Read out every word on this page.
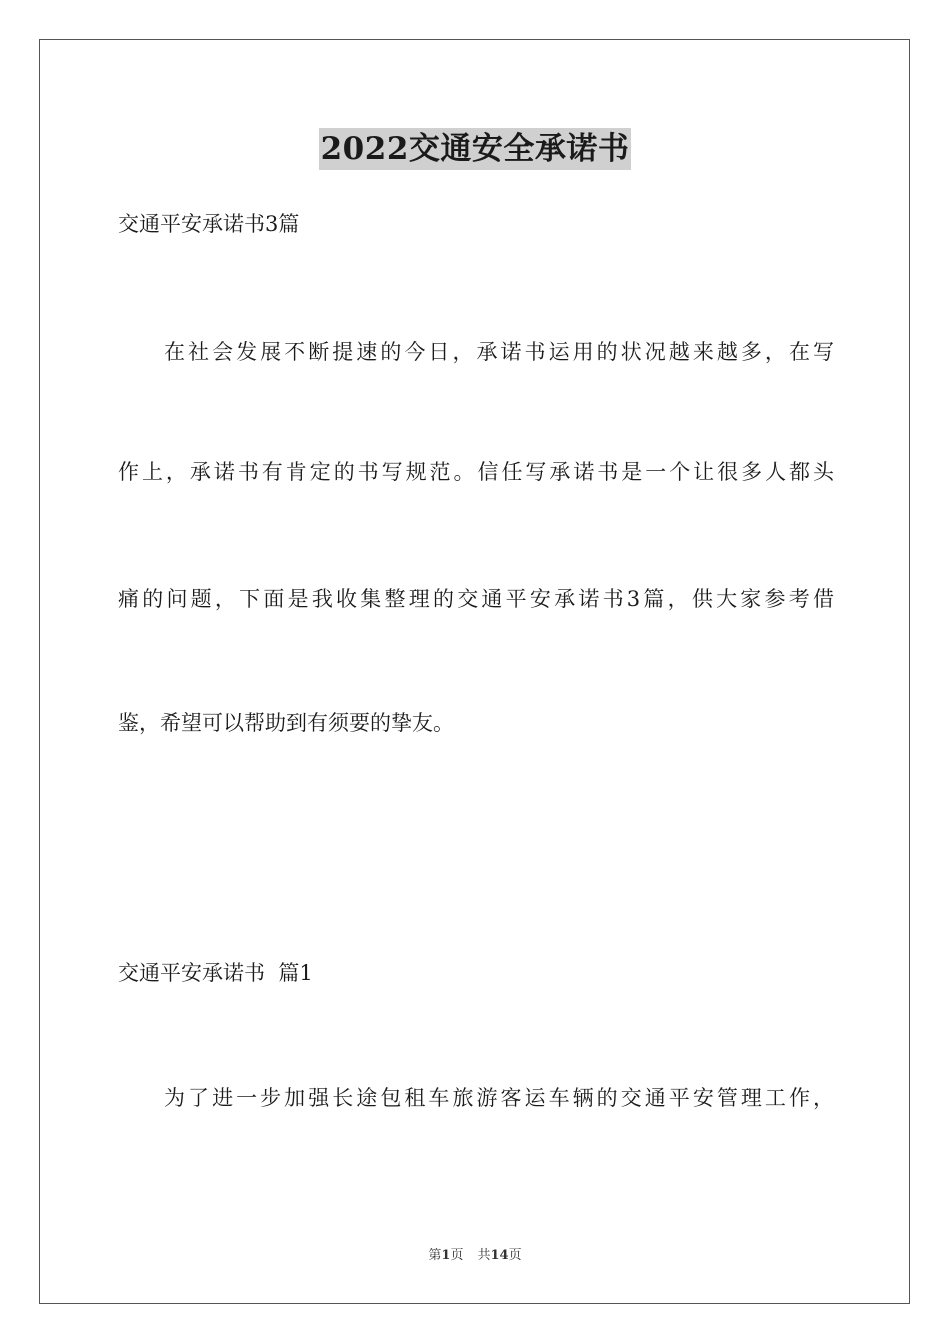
2022交通安全承诺书
交通平安承诺书3篇
在社会发展不断提速的今日，承诺书运用的状况越来越多，在写
作上，承诺书有肯定的书写规范。信任写承诺书是一个让很多人都头
痛的问题，下面是我收集整理的交通平安承诺书3篇，供大家参考借
鉴，希望可以帮助到有须要的挚友。
交通平安承诺书  篇1
为了进一步加强长途包租车旅游客运车辆的交通平安管理工作，
第1页 共14页
